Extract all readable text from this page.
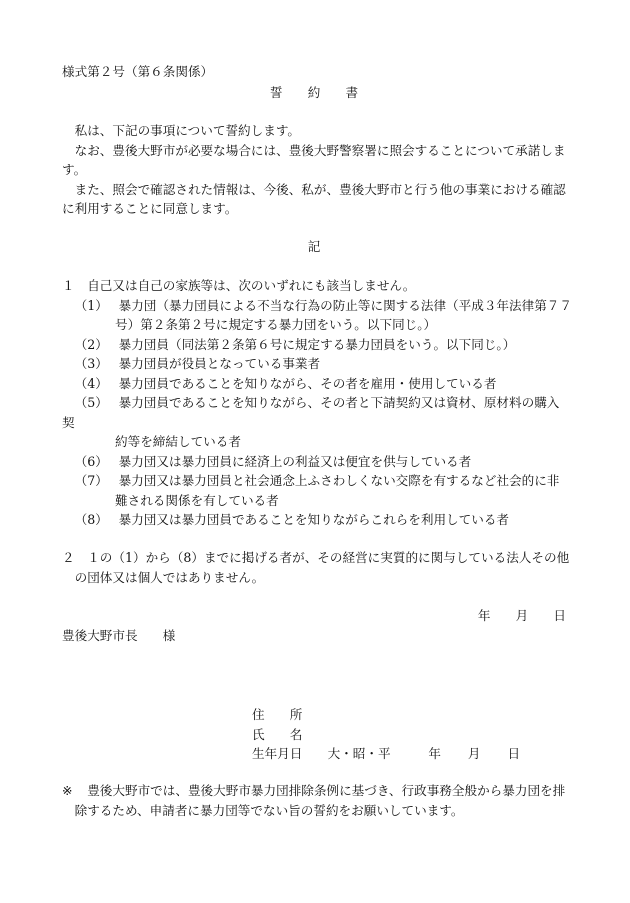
様式第２号（第６条関係）
誓　　約　　書
私は、下記の事項について誓約します。
なお、豊後大野市が必要な場合には、豊後大野警察署に照会することについて承諾しま
す。
また、照会で確認された情報は、今後、私が、豊後大野市と行う他の事業における確認
に利用することに同意します。
記
１ 自己又は自己の家族等は、次のいずれにも該当しません。
（1） 暴力団（暴力団員による不当な行為の防止等に関する法律（平成３年法律第７７
号）第２条第２号に規定する暴力団をいう。以下同じ。）
（2） 暴力団員（同法第２条第６号に規定する暴力団員をいう。以下同じ。）
（3） 暴力団員が役員となっている事業者
（4） 暴力団員であることを知りながら、その者を雇用・使用している者
（5） 暴力団員であることを知りながら、その者と下請契約又は資材、原材料の購入
契
約等を締結している者
（6） 暴力団又は暴力団員に経済上の利益又は便宜を供与している者
（7） 暴力団又は暴力団員と社会通念上ふさわしくない交際を有するなど社会的に非
難される関係を有している者
（8） 暴力団又は暴力団員であることを知りながらこれらを利用している者
２ １の（1）から（8）までに掲げる者が、その経営に実質的に関与している法人その他
の団体又は個人ではありません。
年　　月　　日
豊後大野市長　　様
住　　所
氏　　名
生年月日 大・昭・平	年 月 日
※ 豊後大野市では、豊後大野市暴力団排除条例に基づき、行政事務全般から暴力団を排
除するため、申請者に暴力団等でない旨の誓約をお願いしています。
